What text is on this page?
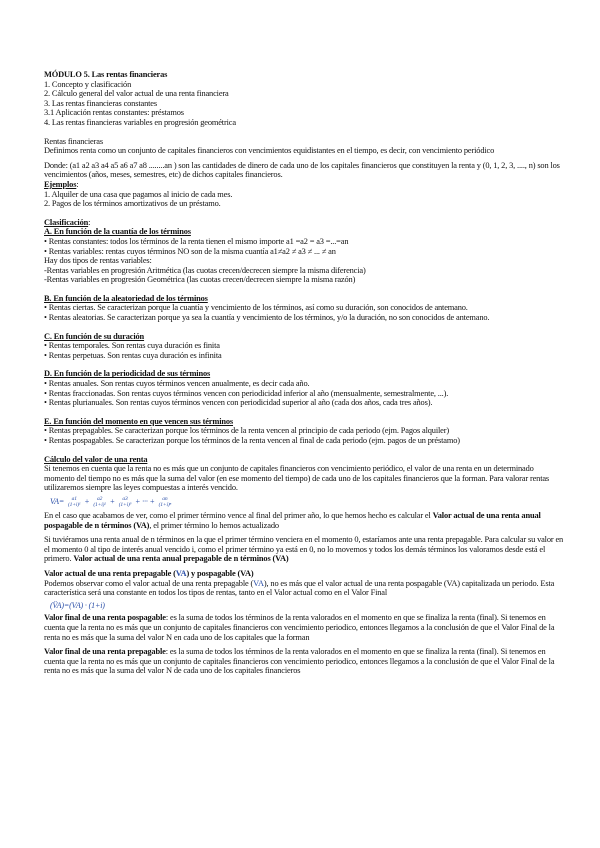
MÓDULO 5. Las rentas financieras
1. Concepto y clasificación
2. Cálculo general del valor actual de una renta financiera
3. Las rentas financieras constantes
3.1 Aplicación rentas constantes: préstamos
4. Las rentas financieras variables en progresión geométrica
Rentas financieras
Definimos renta como un conjunto de capitales financieros con vencimientos equidistantes en el tiempo, es decir, con vencimiento periódico
Donde: (a1 a2 a3 a4 a5 a6 a7 a8 ........an ) son las cantidades de dinero de cada uno de los capitales financieros que constituyen la renta y (0, 1, 2, 3, ...., n) son los vencimientos (años, meses, semestres, etc) de dichos capitales financieros.
Ejemplos:
1. Alquiler de una casa que pagamos al inicio de cada mes.
2. Pagos de los términos amortizativos de un préstamo.
Clasificación:
A. En función de la cuantía de los términos
• Rentas constantes: todos los términos de la renta tienen el mismo importe a1 =a2 = a3 =...=an
• Rentas variables: rentas cuyos términos NO son de la misma cuantía a1≠a2 ≠ a3 ≠ ... ≠ an
Hay dos tipos de rentas variables:
-Rentas variables en progresión Aritmética (las cuotas crecen/decrecen siempre la misma diferencia)
-Rentas variables en progresión Geométrica (las cuotas crecen/decrecen siempre la misma razón)
B. En función de la aleatoriedad de los términos
• Rentas ciertas. Se caracterizan porque la cuantía y vencimiento de los términos, así como su duración, son conocidos de antemano.
• Rentas aleatorias. Se caracterizan porque ya sea la cuantía y vencimiento de los términos, y/o la duración, no son conocidos de antemano.
C. En función de su duración
• Rentas temporales. Son rentas cuya duración es finita
• Rentas perpetuas. Son rentas cuya duración es infinita
D. En función de la periodicidad de sus términos
• Rentas anuales. Son rentas cuyos términos vencen anualmente, es decir cada año.
• Rentas fraccionadas. Son rentas cuyos términos vencen con periodicidad inferior al año (mensualmente, semestralmente, ...).
• Rentas plurianuales. Son rentas cuyos términos vencen con periodicidad superior al año (cada dos años, cada tres años).
E. En función del momento en que vencen sus términos
• Rentas prepagables. Se caracterizan porque los términos de la renta vencen al principio de cada periodo (ejm. Pagos alquiler)
• Rentas pospagables. Se caracterizan porque los términos de la renta vencen al final de cada periodo (ejm. pagos de un préstamo)
Cálculo del valor de una renta
Si tenemos en cuenta que la renta no es más que un conjunto de capitales financieros con vencimiento periódico, el valor de una renta en un determinado momento del tiempo no es más que la suma del valor (en ese momento del tiempo) de cada uno de los capitales financieros que la forman. Para valorar rentas utilizaremos siempre las leyes compuestas a interés vencido.
VA=	a1
(1+i)¹ +	a2
(1+i)² +	a3
(1+i)³ + ··· +	an
(1+i)ⁿ
En el caso que acabamos de ver, como el primer término vence al final del primer año, lo que hemos hecho es calcular el Valor actual de una renta anual pospagable de n términos (VA), el primer término lo hemos actualizado
Si tuviéramos una renta anual de n términos en la que el primer término venciera en el momento 0, estaríamos ante una renta prepagable. Para calcular su valor en el momento 0 al tipo de interés anual vencido i, como el primer término ya está en 0, no lo movemos y todos los demás términos los valoramos desde está el primero. Valor actual de una renta anual prepagable de n términos (VA)
Valor actual de una renta prepagable (VA) y pospagable (VA)
Podemos observar como el valor actual de una renta prepagable (VA), no es más que el valor actual de una renta pospagable (VA) capitalizada un periodo. Esta característica será una constante en todos los tipos de rentas, tanto en el Valor actual como en el Valor Final
(V̈A)=(VA) · (1+i)
Valor final de una renta pospagable: es la suma de todos los términos de la renta valorados en el momento en que se finaliza la renta (final). Si tenemos en cuenta que la renta no es más que un conjunto de capitales financieros con vencimiento periodico, entonces llegamos a la conclusión de que el Valor Final de la renta no es más que la suma del valor N en cada uno de los capitales que la forman
Valor final de una renta prepagable: es la suma de todos los términos de la renta valorados en el momento en que se finaliza la renta (final). Si tenemos en cuenta que la renta no es más que un conjunto de capitales financieros con vencimiento periodico, entonces llegamos a la conclusión de que el Valor Final de la renta no es más que la suma del valor N de cada uno de los capitales financieros
